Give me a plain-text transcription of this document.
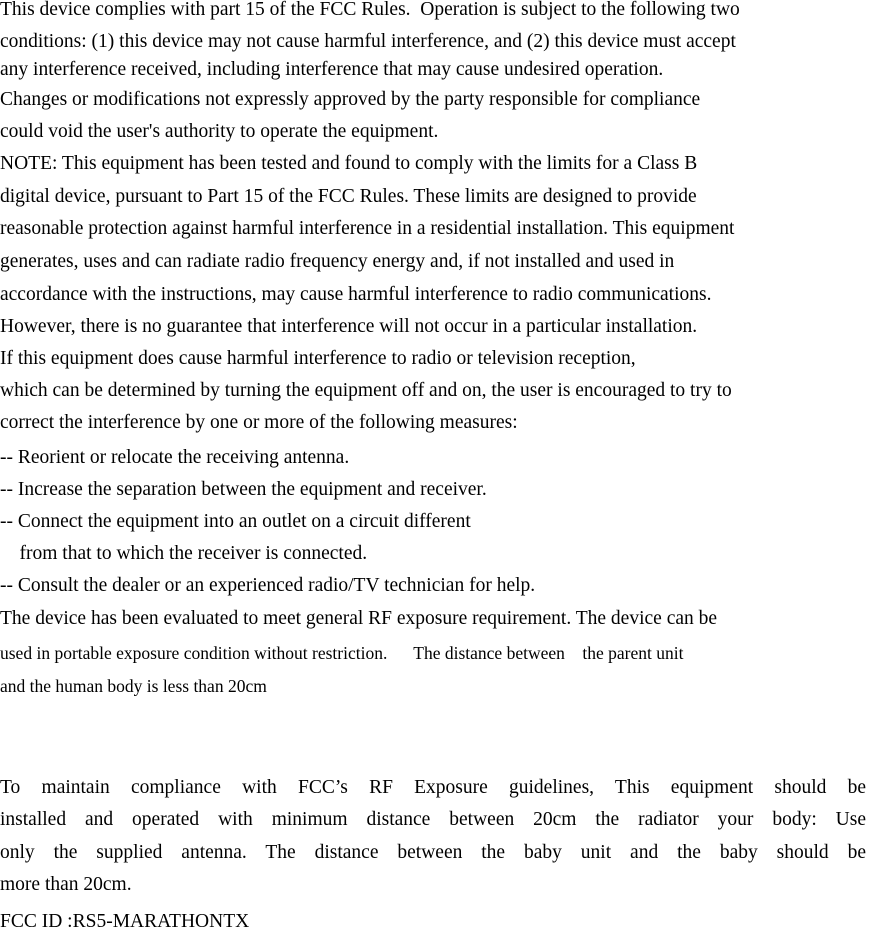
This device complies with part 15 of the FCC Rules.  Operation is subject to the following two
conditions: (1) this device may not cause harmful interference, and (2) this device must accept
any interference received, including interference that may cause undesired operation.
Changes or modifications not expressly approved by the party responsible for compliance
could void the user's authority to operate the equipment.
NOTE: This equipment has been tested and found to comply with the limits for a Class B
digital device, pursuant to Part 15 of the FCC Rules. These limits are designed to provide
reasonable protection against harmful interference in a residential installation. This equipment
generates, uses and can radiate radio frequency energy and, if not installed and used in
accordance with the instructions, may cause harmful interference to radio communications.
However, there is no guarantee that interference will not occur in a particular installation.
If this equipment does cause harmful interference to radio or television reception,
which can be determined by turning the equipment off and on, the user is encouraged to try to
correct the interference by one or more of the following measures:
-- Reorient or relocate the receiving antenna.
-- Increase the separation between the equipment and receiver.
-- Connect the equipment into an outlet on a circuit different
from that to which the receiver is connected.
-- Consult the dealer or an experienced radio/TV technician for help.
The device has been evaluated to meet general RF exposure requirement. The device can be
used in portable exposure condition without restriction.      The distance between    the parent unit
and the human body is less than 20cm
To maintain compliance with FCC’s RF Exposure guidelines, This equipment should be
installed and operated with minimum distance between 20cm the radiator your body: Use
only the supplied antenna. The distance between the baby unit and the baby should be
more than 20cm.
FCC ID :RS5-MARATHONTX
